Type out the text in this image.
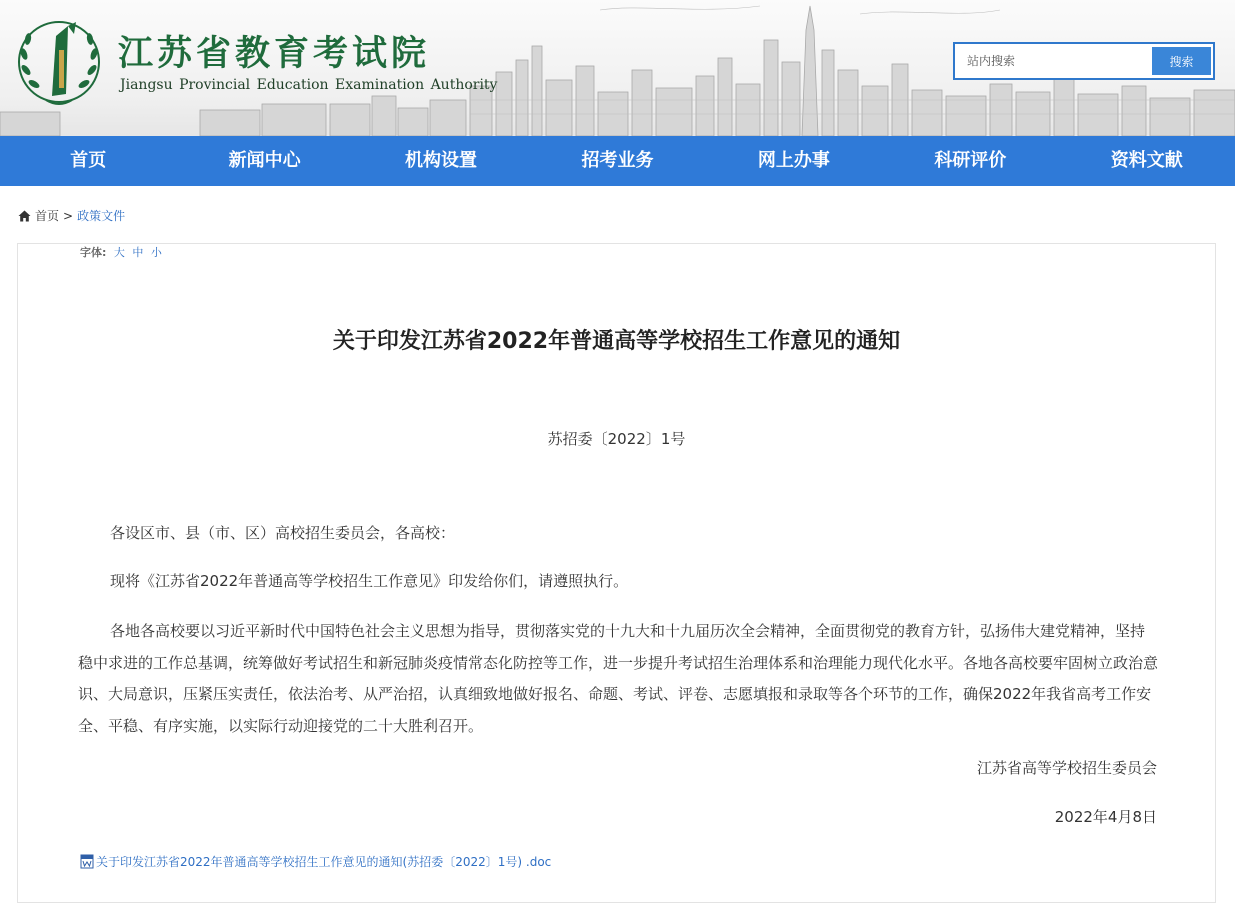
江苏省教育考试院
Jiangsu Provincial Education Examination Authority
站内搜索
搜索
首页	新闻中心	机构设置	招考业务	网上办事	科研评价	资料文献
首页 > 政策文件
字体: 大 中 小
关于印发江苏省2022年普通高等学校招生工作意见的通知
苏招委〔2022〕1号

各设区市、县（市、区）高校招生委员会，各高校：

现将《江苏省2022年普通高等学校招生工作意见》印发给你们，请遵照执行。

各地各高校要以习近平新时代中国特色社会主义思想为指导，贯彻落实党的十九大和十九届历次全会精神，全面贯彻党的教育方针，弘扬伟大建党精神，坚持稳中求进的工作总基调，统筹做好考试招生和新冠肺炎疫情常态化防控等工作，进一步提升考试招生治理体系和治理能力现代化水平。各地各高校要牢固树立政治意识、大局意识，压紧压实责任，依法治考、从严治招，认真细致地做好报名、命题、考试、评卷、志愿填报和录取等各个环节的工作，确保2022年我省高考工作安全、平稳、有序实施，以实际行动迎接党的二十大胜利召开。

江苏省高等学校招生委员会
2022年4月8日
关于印发江苏省2022年普通高等学校招生工作意见的通知(苏招委〔2022〕1号) .doc
